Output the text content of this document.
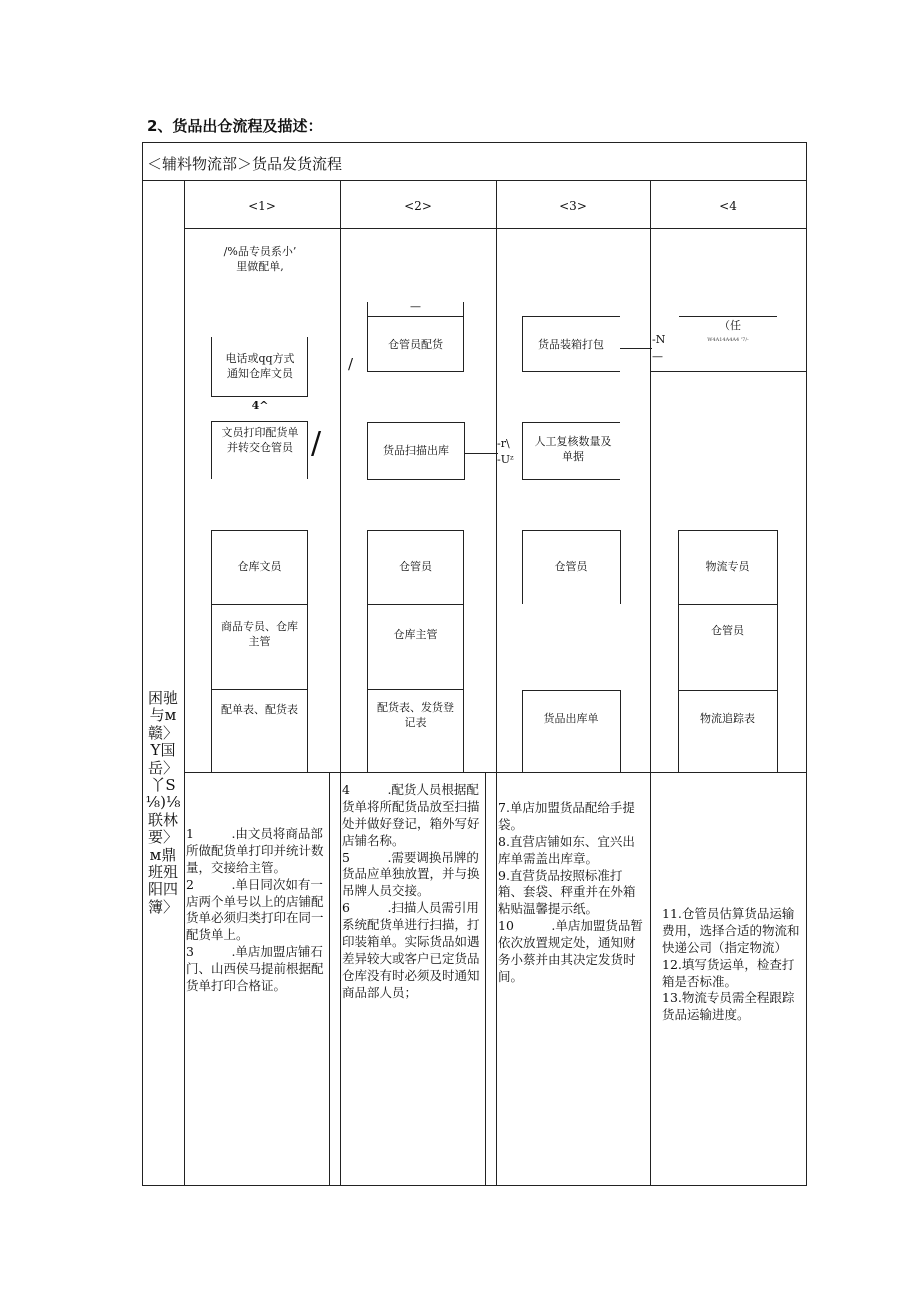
2、货品出仓流程及描述：
＜辅料物流部＞货品发货流程
<1>	<2>	<3>	<4
困驰与ᴍ赣〉Y国岳〉丫S⅛)⅛联林要〉ᴍ鼎班殂阳四簿〉
/%品专员系小’
里做配单,
电话或qq方式
通知仓库文员
4^
文员打印配货单
并转交仓管员 /
—
仓管员配货
/
货品扫描出库
货品装箱打包
-r\
-Uᶻ
人工复核数量及
单据
-N
—
（任
W4A14A4A4 '7/-
仓库文员
商品专员、仓库
主管
配单表、配货表
仓管员
仓库主管
配货表、发货登
记表
仓管员
货品出库单
物流专员
仓管员
物流追踪表
1　　　.由文员将商品部所做配货单打印并统计数量，交接给主管。
2　　　.单日同次如有一店两个单号以上的店铺配货单必须归类打印在同一配货单上。
3　　　.单店加盟店铺石门、山西侯马提前根据配货单打印合格证。
4　　　.配货人员根据配货单将所配货品放至扫描处并做好登记，箱外写好店铺名称。
5　　　.需要调换吊牌的货品应单独放置，并与换吊牌人员交接。
6　　　.扫描人员需引用系统配货单进行扫描，打印装箱单。实际货品如遇差异较大或客户已定货品仓库没有时必须及时通知商品部人员；
7.单店加盟货品配给手提袋。
8.直营店铺如东、宜兴出库单需盖出库章。
9.直营货品按照标准打箱、套袋、秤重并在外箱粘贴温馨提示纸。
10　　　.单店加盟货品暂依次放置规定处，通知财务小蔡并由其决定发货时间。
11.仓管员估算货品运输费用，选择合适的物流和快递公司（指定物流）12.填写货运单，检查打箱是否标准。
13.物流专员需全程跟踪货品运输进度。
